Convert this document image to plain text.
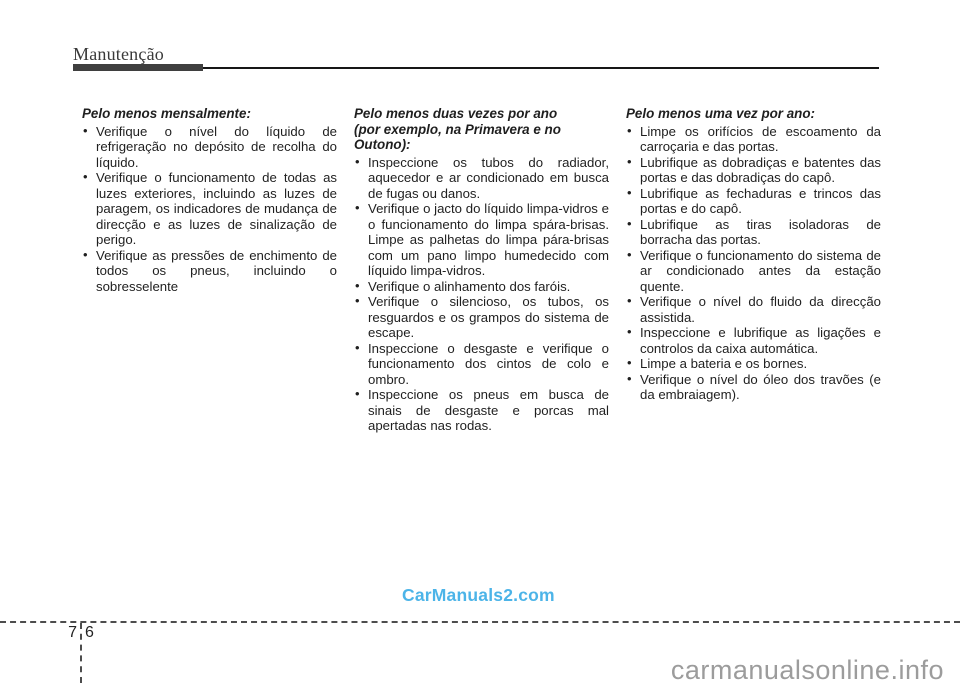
Manutenção
Pelo menos mensalmente:
• Verifique o nível do líquido de refrigeração no depósito de recolha do líquido.
• Verifique o funcionamento de todas as luzes exteriores, incluindo as luzes de paragem, os indicadores de mudança de direcção e as luzes de sinalização de perigo.
• Verifique as pressões de enchimento de todos os pneus, incluindo o sobresselente
Pelo menos duas vezes por ano
(por exemplo, na Primavera e no
Outono):
• Inspeccione os tubos do radiador, aquecedor e ar condicionado em busca de fugas ou danos.
• Verifique o jacto do líquido limpa-vidros e o funcionamento do limpa spára-brisas. Limpe as palhetas do limpa pára-brisas com um pano limpo humedecido com líquido limpa-vidros.
• Verifique o alinhamento dos faróis.
• Verifique o silencioso, os tubos, os resguardos e os grampos do sistema de escape.
• Inspeccione o desgaste e verifique o funcionamento dos cintos de colo e ombro.
• Inspeccione os pneus em busca de sinais de desgaste e porcas mal apertadas nas rodas.
Pelo menos uma vez por ano:
• Limpe os orifícios de escoamento da carroçaria e das portas.
• Lubrifique as dobradiças e batentes das portas e das dobradiças do capô.
• Lubrifique as fechaduras e trincos das portas e do capô.
• Lubrifique as tiras isoladoras de borracha das portas.
• Verifique o funcionamento do sistema de ar condicionado antes da estação quente.
• Verifique o nível do fluido da direcção assistida.
• Inspeccione e lubrifique as ligações e controlos da caixa automática.
• Limpe a bateria e os bornes.
• Verifique o nível do óleo dos travões (e da embraiagem).
CarManuals2.com
7 6
carmanualsonline.info
